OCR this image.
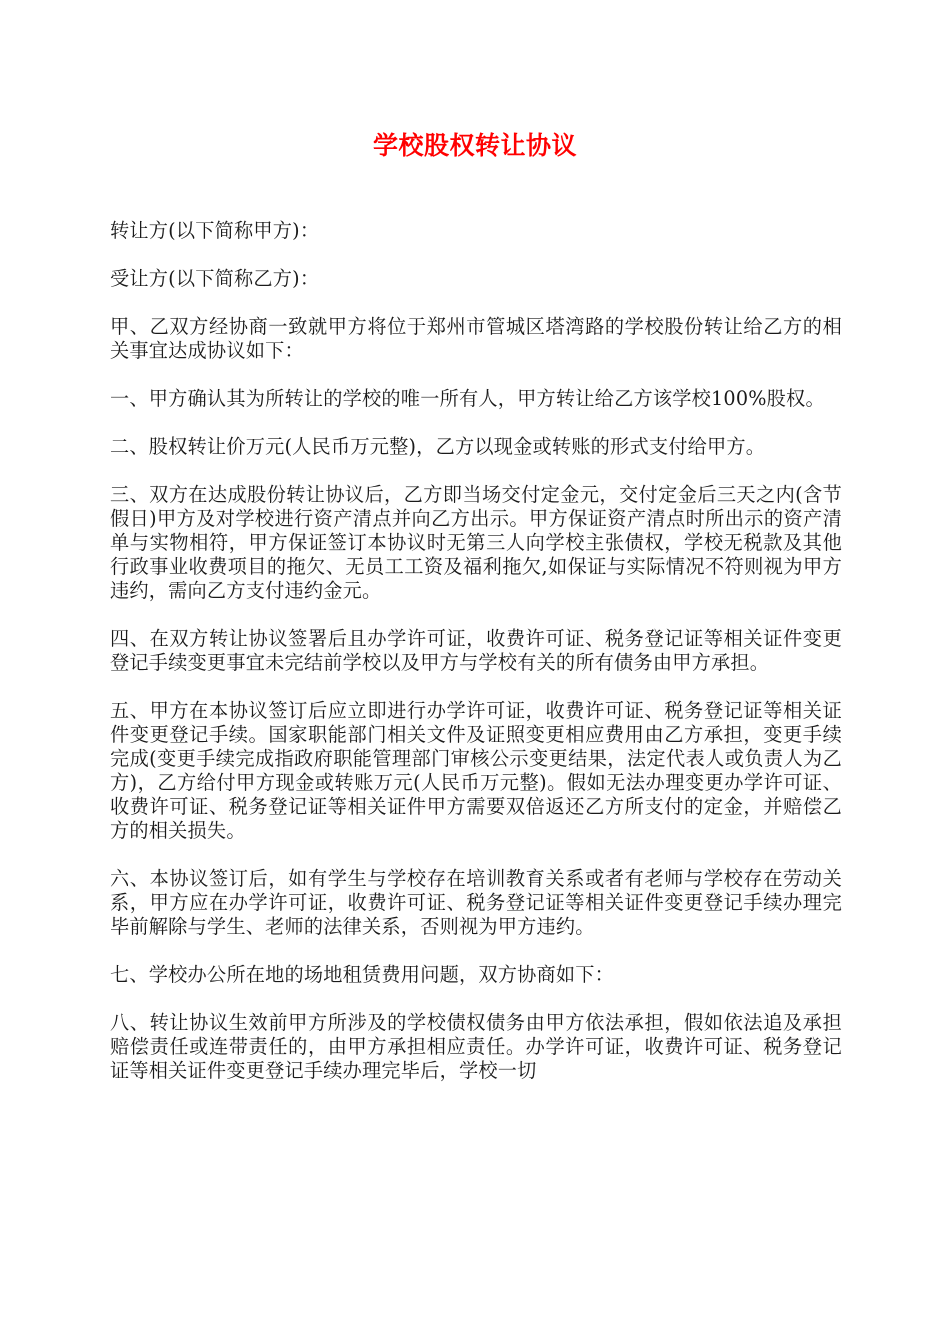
学校股权转让协议

转让方(以下简称甲方)：

受让方(以下简称乙方)：

甲、乙双方经协商一致就甲方将位于郑州市管城区塔湾路的学校股份转让给乙方的相关事宜达成协议如下：

一、甲方确认其为所转让的学校的唯一所有人，甲方转让给乙方该学校100%股权。

二、股权转让价万元(人民币万元整)，乙方以现金或转账的形式支付给甲方。

三、双方在达成股份转让协议后，乙方即当场交付定金元，交付定金后三天之内(含节假日)甲方及对学校进行资产清点并向乙方出示。甲方保证资产清点时所出示的资产清单与实物相符，甲方保证签订本协议时无第三人向学校主张债权，学校无税款及其他行政事业收费项目的拖欠、无员工工资及福利拖欠,如保证与实际情况不符则视为甲方违约，需向乙方支付违约金元。

四、在双方转让协议签署后且办学许可证，收费许可证、税务登记证等相关证件变更登记手续变更事宜未完结前学校以及甲方与学校有关的所有债务由甲方承担。

五、甲方在本协议签订后应立即进行办学许可证，收费许可证、税务登记证等相关证件变更登记手续。国家职能部门相关文件及证照变更相应费用由乙方承担，变更手续完成(变更手续完成指政府职能管理部门审核公示变更结果，法定代表人或负责人为乙方)，乙方给付甲方现金或转账万元(人民币万元整)。假如无法办理变更办学许可证、收费许可证、税务登记证等相关证件甲方需要双倍返还乙方所支付的定金，并赔偿乙方的相关损失。

六、本协议签订后，如有学生与学校存在培训教育关系或者有老师与学校存在劳动关系，甲方应在办学许可证，收费许可证、税务登记证等相关证件变更登记手续办理完毕前解除与学生、老师的法律关系，否则视为甲方违约。

七、学校办公所在地的场地租赁费用问题，双方协商如下：

八、转让协议生效前甲方所涉及的学校债权债务由甲方依法承担，假如依法追及承担赔偿责任或连带责任的，由甲方承担相应责任。办学许可证，收费许可证、税务登记证等相关证件变更登记手续办理完毕后，学校一切
